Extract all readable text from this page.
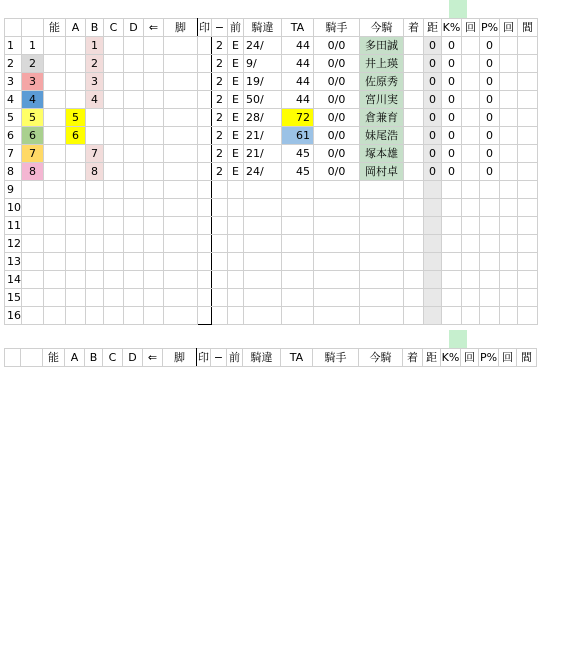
		能	A	B	C	D	⇐	脚	印	−	前	騎違	TA	騎手	今騎	着	距	K%	回	P%	回	閻
1	1			1						2	E	24/	44	0/0	多田誠		0	0		0		
2	2			2						2	E	9/	44	0/0	井上瑛		0	0		0		
3	3			3						2	E	19/	44	0/0	佐原秀		0	0		0		
4	4			4						2	E	50/	44	0/0	宮川実		0	0		0		
5	5		5							2	E	28/	72	0/0	倉兼育		0	0		0		
6	6		6							2	E	21/	61	0/0	妹尾浩		0	0		0		
7	7			7						2	E	21/	45	0/0	塚本雄		0	0		0		
8	8			8						2	E	24/	45	0/0	岡村卓		0	0		0		
9																						
10																						
11																						
12																						
13																						
14																						
15																						
16																						
		能	A	B	C	D	⇐	脚	印	−	前	騎違	TA	騎手	今騎	着	距	K%	回	P%	回	閻
